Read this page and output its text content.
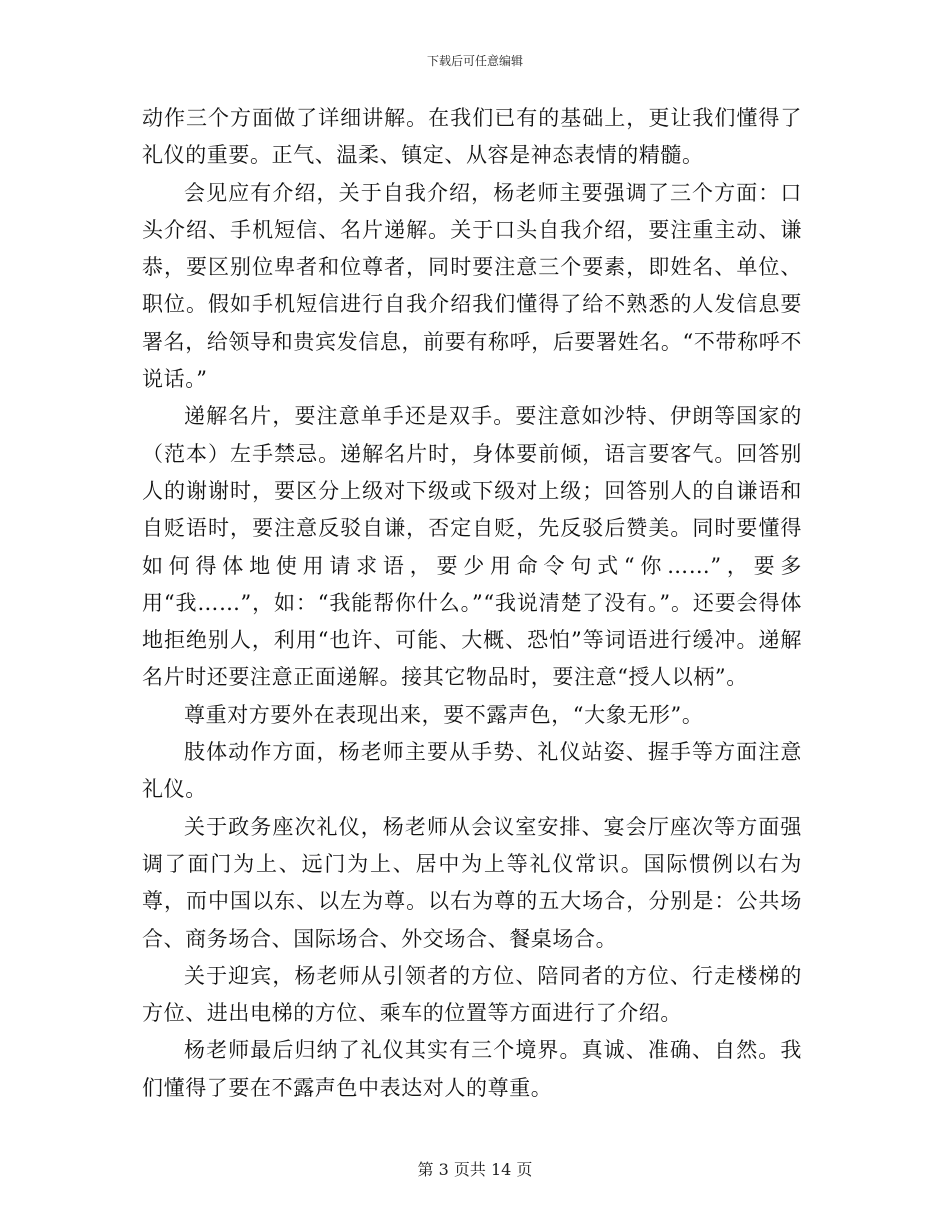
下载后可任意编辑

动作三个方面做了详细讲解。在我们已有的基础上，更让我们懂得了礼仪的重要。正气、温柔、镇定、从容是神态表情的精髓。

会见应有介绍，关于自我介绍，杨老师主要强调了三个方面：口头介绍、手机短信、名片递解。关于口头自我介绍，要注重主动、谦恭，要区别位卑者和位尊者，同时要注意三个要素，即姓名、单位、职位。假如手机短信进行自我介绍我们懂得了给不熟悉的人发信息要署名，给领导和贵宾发信息，前要有称呼，后要署姓名。“不带称呼不说话。”

递解名片，要注意单手还是双手。要注意如沙特、伊朗等国家的（范本）左手禁忌。递解名片时，身体要前倾，语言要客气。回答别人的谢谢时，要区分上级对下级或下级对上级；回答别人的自谦语和自贬语时，要注意反驳自谦，否定自贬，先反驳后赞美。同时要懂得如何得体地使用请求语，要少用命令句式“你……”，要多用“我……”，如：“我能帮你什么。”“我说清楚了没有。”。还要会得体地拒绝别人，利用“也许、可能、大概、恐怕”等词语进行缓冲。递解名片时还要注意正面递解。接其它物品时，要注意“授人以柄”。

尊重对方要外在表现出来，要不露声色，“大象无形”。

肢体动作方面，杨老师主要从手势、礼仪站姿、握手等方面注意礼仪。

关于政务座次礼仪，杨老师从会议室安排、宴会厅座次等方面强调了面门为上、远门为上、居中为上等礼仪常识。国际惯例以右为尊，而中国以东、以左为尊。以右为尊的五大场合，分别是：公共场合、商务场合、国际场合、外交场合、餐桌场合。

关于迎宾，杨老师从引领者的方位、陪同者的方位、行走楼梯的方位、进出电梯的方位、乘车的位置等方面进行了介绍。

杨老师最后归纳了礼仪其实有三个境界。真诚、准确、自然。我们懂得了要在不露声色中表达对人的尊重。

第 3 页共 14 页
